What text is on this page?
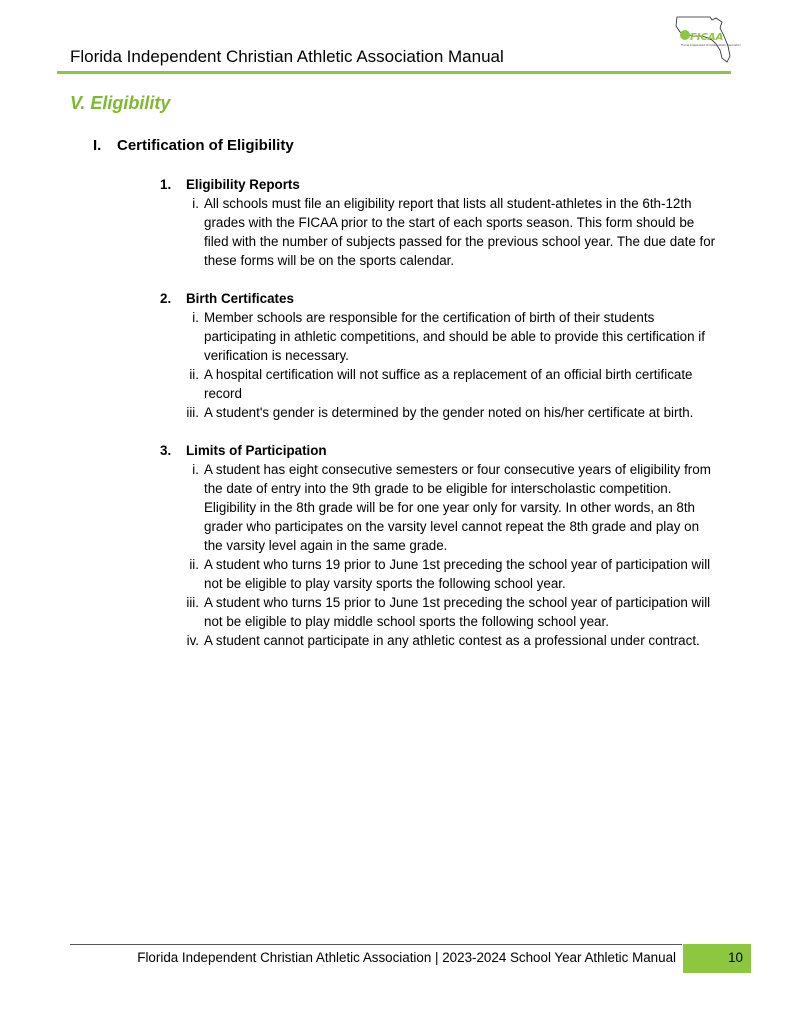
Florida Independent Christian Athletic Association Manual
FICAA
Florida Independent Christian Athletic Association
V. Eligibility
I. Certification of Eligibility
1.	Eligibility Reports
i. All schools must file an eligibility report that lists all student-athletes in the 6th-12th grades with the FICAA prior to the start of each sports season. This form should be filed with the number of subjects passed for the previous school year. The due date for these forms will be on the sports calendar.
2.	Birth Certificates
i. Member schools are responsible for the certification of birth of their students participating in athletic competitions, and should be able to provide this certification if verification is necessary.
ii. A hospital certification will not suffice as a replacement of an official birth certificate record
iii. A student's gender is determined by the gender noted on his/her certificate at birth.
3.	Limits of Participation
i. A student has eight consecutive semesters or four consecutive years of eligibility from the date of entry into the 9th grade to be eligible for interscholastic competition. Eligibility in the 8th grade will be for one year only for varsity. In other words, an 8th grader who participates on the varsity level cannot repeat the 8th grade and play on the varsity level again in the same grade.
ii. A student who turns 19 prior to June 1st preceding the school year of participation will not be eligible to play varsity sports the following school year.
iii. A student who turns 15 prior to June 1st preceding the school year of participation will not be eligible to play middle school sports the following school year.
iv. A student cannot participate in any athletic contest as a professional under contract.
Florida Independent Christian Athletic Association | 2023-2024 School Year Athletic Manual	10
